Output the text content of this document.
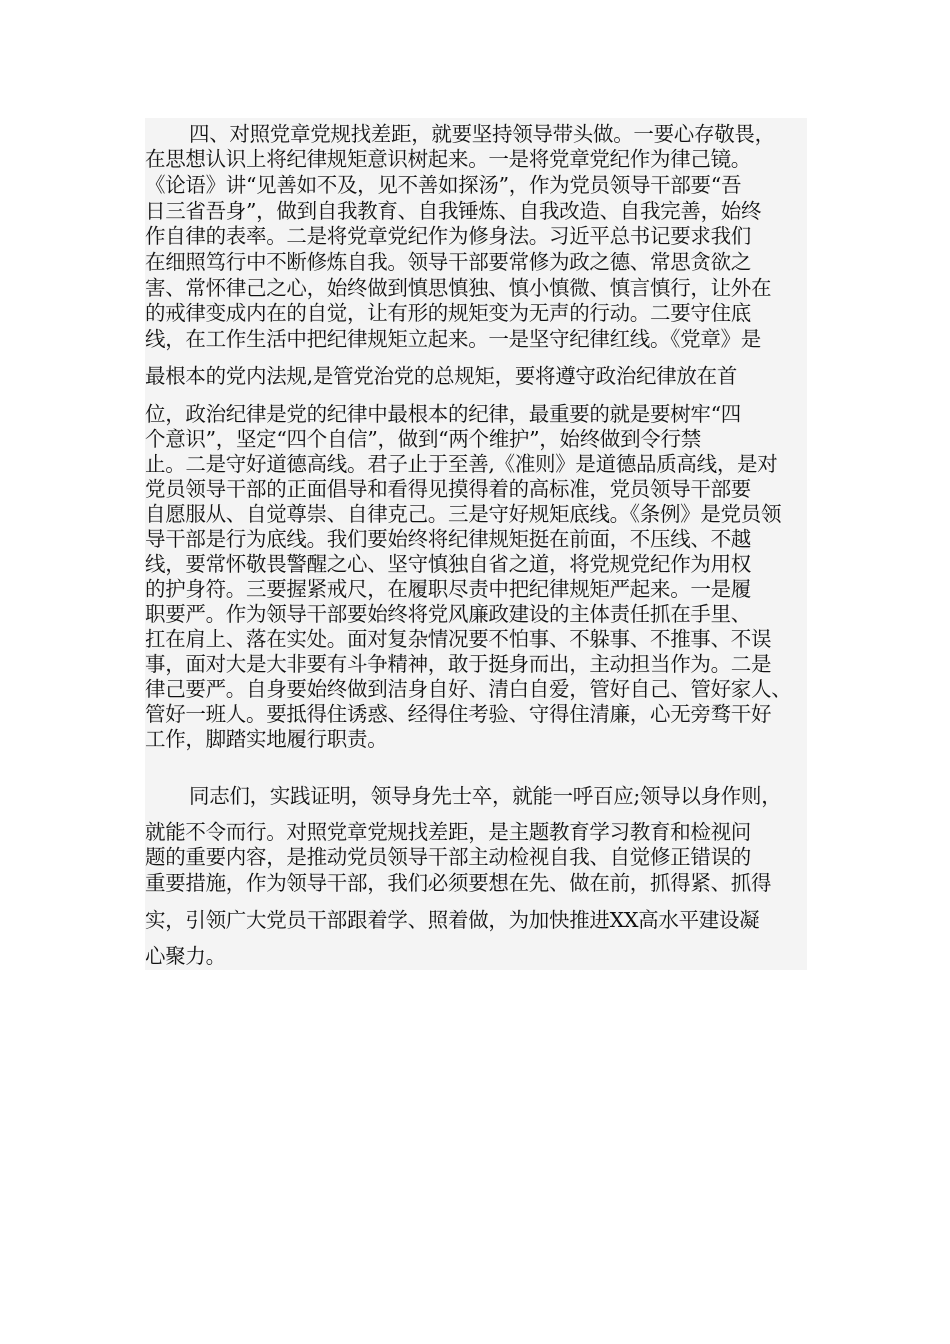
四、对照党章党规找差距，就要坚持领导带头做。一要心存敬畏，
在思想认识上将纪律规矩意识树起来。一是将党章党纪作为律己镜。
《论语》讲“见善如不及，见不善如探汤”，作为党员领导干部要“吾
日三省吾身”，做到自我教育、自我锤炼、自我改造、自我完善，始终
作自律的表率。二是将党章党纪作为修身法。习近平总书记要求我们
在细照笃行中不断修炼自我。领导干部要常修为政之德、常思贪欲之
害、常怀律己之心，始终做到慎思慎独、慎小慎微、慎言慎行，让外在
的戒律变成内在的自觉，让有形的规矩变为无声的行动。二要守住底
线，在工作生活中把纪律规矩立起来。一是坚守纪律红线。《党章》是
最根本的党内法规,是管党治党的总规矩，要将遵守政治纪律放在首
位，政治纪律是党的纪律中最根本的纪律，最重要的就是要树牢“四
个意识”，坚定“四个自信”，做到“两个维护”，始终做到令行禁
止。二是守好道德高线。君子止于至善,《准则》是道德品质高线，是对
党员领导干部的正面倡导和看得见摸得着的高标准，党员领导干部要
自愿服从、自觉尊崇、自律克己。三是守好规矩底线。《条例》是党员领
导干部是行为底线。我们要始终将纪律规矩挺在前面，不压线、不越
线，要常怀敬畏警醒之心、坚守慎独自省之道，将党规党纪作为用权
的护身符。三要握紧戒尺，在履职尽责中把纪律规矩严起来。一是履
职要严。作为领导干部要始终将党风廉政建设的主体责任抓在手里、
扛在肩上、落在实处。面对复杂情况要不怕事、不躲事、不推事、不误
事，面对大是大非要有斗争精神，敢于挺身而出，主动担当作为。二是
律己要严。自身要始终做到洁身自好、清白自爱，管好自己、管好家人、
管好一班人。要抵得住诱惑、经得住考验、守得住清廉，心无旁骛干好
工作，脚踏实地履行职责。
同志们，实践证明，领导身先士卒，就能一呼百应;领导以身作则，
就能不令而行。对照党章党规找差距，是主题教育学习教育和检视问
题的重要内容，是推动党员领导干部主动检视自我、自觉修正错误的
重要措施，作为领导干部，我们必须要想在先、做在前，抓得紧、抓得
实，引领广大党员干部跟着学、照着做，为加快推进XX高水平建设凝
心聚力。
